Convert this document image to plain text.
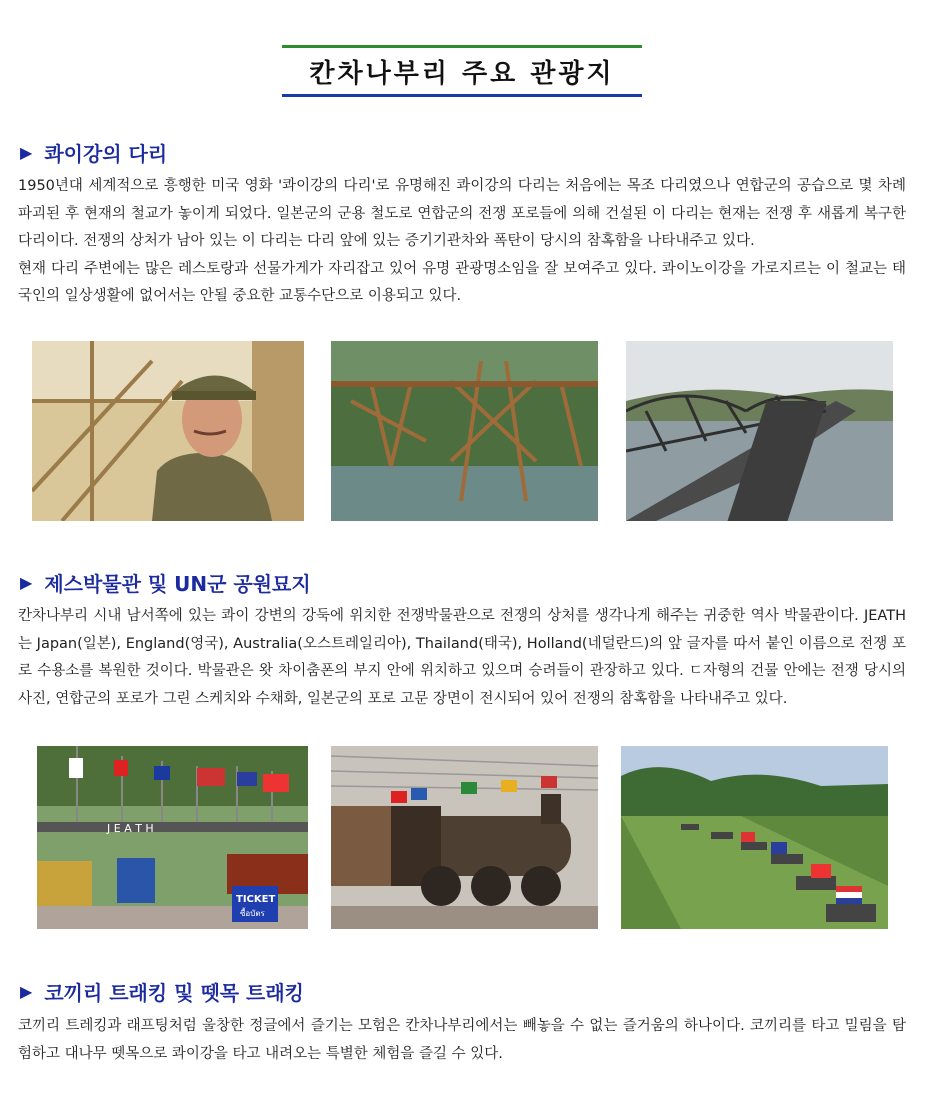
칸차나부리 주요 관광지
▶ 콰이강의 다리

1950년대 세계적으로 흥행한 미국 영화 '콰이강의 다리'로 유명해진 콰이강의 다리는 처음에는 목조 다리였으나 연합군의 공습으로 몇 차례 파괴된 후 현재의 철교가 놓이게 되었다. 일본군의 군용 철도로 연합군의 전쟁 포로들에 의해 건설된 이 다리는 현재는 전쟁 후 새롭게 복구한 다리이다. 전쟁의 상처가 남아 있는 이 다리는 다리 앞에 있는 증기기관차와 폭탄이 당시의 참혹함을 나타내주고 있다.

현재 다리 주변에는 많은 레스토랑과 선물가게가 자리잡고 있어 유명 관광명소임을 잘 보여주고 있다. 콰이노이강을 가로지르는 이 철교는 태국인의 일상생활에 없어서는 안될 중요한 교통수단으로 이용되고 있다.

▶ 제스박물관 및 UN군 공원묘지

칸차나부리 시내 남서쪽에 있는 콰이 강변의 강둑에 위치한 전쟁박물관으로 전쟁의 상처를 생각나게 해주는 귀중한 역사 박물관이다. JEATH는 Japan(일본), England(영국), Australia(오스트레일리아), Thailand(태국), Holland(네덜란드)의 앞 글자를 따서 붙인 이름으로 전쟁 포로 수용소를 복원한 것이다. 박물관은 왓 차이춤폰의 부지 안에 위치하고 있으며 승려들이 관장하고 있다. ㄷ자형의 건물 안에는 전쟁 당시의 사진, 연합군의 포로가 그린 스케치와 수채화, 일본군의 포로 고문 장면이 전시되어 있어 전쟁의 참혹함을 나타내주고 있다.

J E A T H
TICKET
ซื้อบัตร
▶ 코끼리 트래킹 및 뗏목 트래킹

코끼리 트레킹과 래프팅처럼 울창한 정글에서 즐기는 모험은 칸차나부리에서는 빼놓을 수 없는 즐거움의 하나이다. 코끼리를 타고 밀림을 탐험하고 대나무 뗏목으로 콰이강을 타고 내려오는 특별한 체험을 즐길 수 있다.
